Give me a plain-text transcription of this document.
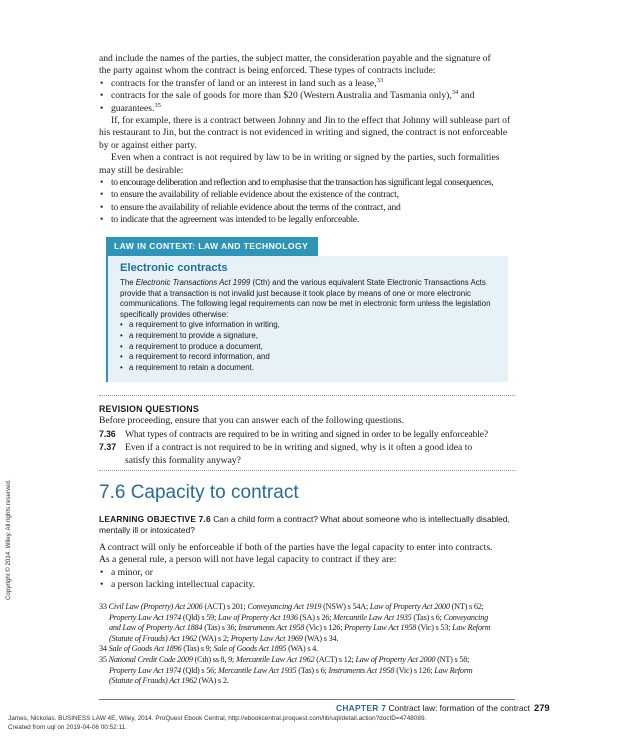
and include the names of the parties, the subject matter, the consideration payable and the signature of

the party against whom the contract is being enforced. These types of contracts include:

• contracts for the transfer of land or an interest in land such as a lease,$^{33}$
• contracts for the sale of goods for more than $20 (Western Australia and Tasmania only),$^{34}$ and
• guarantees.$^{35}$

If, for example, there is a contract between Johnny and Jin to the effect that Johnny will sublease part of his restaurant to Jin, but the contract is not evidenced in writing and signed, the contract is not enforceable by or against either party.

Even when a contract is not required by law to be in writing or signed by the parties, such formalities may still be desirable:

• to encourage deliberation and reflection and to emphasise that the transaction has significant legal consequences,
• to ensure the availability of reliable evidence about the existence of the contract,
• to ensure the availability of reliable evidence about the terms of the contract, and
• to indicate that the agreement was intended to be legally enforceable.
LAW IN CONTEXT: LAW AND TECHNOLOGY
Electronic contracts

The Electronic Transactions Act 1999 (Cth) and the various equivalent State Electronic Transactions Acts provide that a transaction is not invalid just because it took place by means of one or more electronic communications. The following legal requirements can now be met in electronic form unless the legislation specifically provides otherwise:

• a requirement to give information in writing,
• a requirement to provide a signature,
• a requirement to produce a document,
• a requirement to record information, and
• a requirement to retain a document.
REVISION QUESTIONS

Before proceeding, ensure that you can answer each of the following questions.

7.36 What types of contracts are required to be in writing and signed in order to be legally enforceable?

7.37 Even if a contract is not required to be in writing and signed, why is it often a good idea to

satisfy this formality anyway?

7.6 Capacity to contract

LEARNING OBJECTIVE 7.6 Can a child form a contract? What about someone who is intellectually disabled, mentally ill or intoxicated?

A contract will only be enforceable if both of the parties have the legal capacity to enter into contracts.

As a general rule, a person will not have legal capacity to contract if they are:

• a minor, or
• a person lacking intellectual capacity.

33 Civil Law (Property) Act 2006 (ACT) s 201; Conveyancing Act 1919 (NSW) s 54A; Law of Property Act 2000 (NT) s 62;

Property Law Act 1974 (Qld) s 59; Law of Property Act 1936 (SA) s 26; Mercantile Law Act 1935 (Tas) s 6; Conveyancing

and Law of Property Act 1884 (Tas) s 36; Instruments Act 1958 (Vic) s 126; Property Law Act 1958 (Vic) s 53; Law Reform

(Statute of Frauds) Act 1962 (WA) s 2; Property Law Act 1969 (WA) s 34.

34 Sale of Goods Act 1896 (Tas) s 9; Sale of Goods Act 1895 (WA) s 4.

35 National Credit Code 2009 (Cth) ss 8, 9; Mercantile Law Act 1962 (ACT) s 12; Law of Property Act 2000 (NT) s 58;

Property Law Act 1974 (Qld) s 56; Mercantile Law Act 1935 (Tas) s 6; Instruments Act 1958 (Vic) s 126; Law Reform

(Statute of Frauds) Act 1962 (WA) s 2.

CHAPTER 7 Contract law: formation of the contract 279
James, Nickolas. BUSINESS LAW 4E, Wiley, 2014. ProQuest Ebook Central, http://ebookcentral.proquest.com/lib/uql/detail.action?docID=4748089.
Created from uql on 2019-04-06 00:52:11.
Copyright © 2014. Wiley. All rights reserved.
